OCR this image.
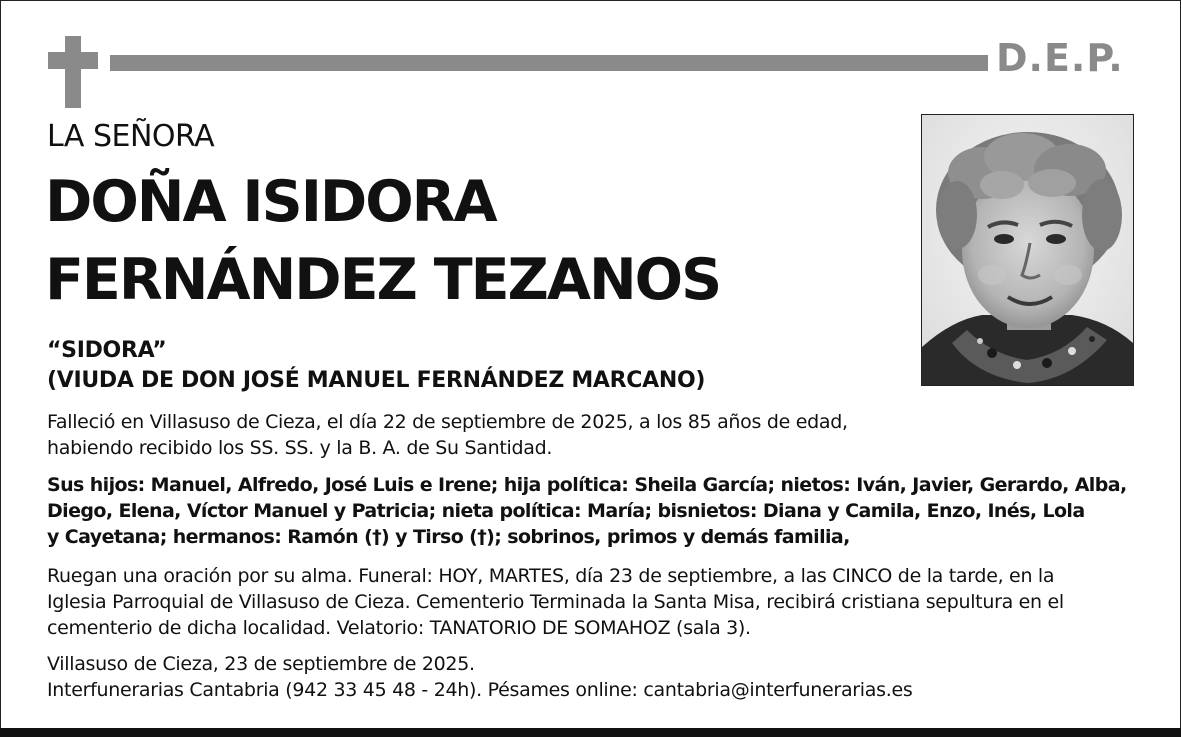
D.E.P.
LA SEÑORA
DOÑA ISIDORA
FERNÁNDEZ TEZANOS
“SIDORA”
(VIUDA DE DON JOSÉ MANUEL FERNÁNDEZ MARCANO)
Falleció en Villasuso de Cieza, el día 22 de septiembre de 2025, a los 85 años de edad,
habiendo recibido los SS. SS. y la B. A. de Su Santidad.
Sus hijos: Manuel, Alfredo, José Luis e Irene; hija política: Sheila García; nietos: Iván, Javier, Gerardo, Alba,
Diego, Elena, Víctor Manuel y Patricia; nieta política: María; bisnietos: Diana y Camila, Enzo, Inés, Lola
y Cayetana; hermanos: Ramón (†) y Tirso (†); sobrinos, primos y demás familia,
Ruegan una oración por su alma. Funeral: HOY, MARTES, día 23 de septiembre, a las CINCO de la tarde, en la
Iglesia Parroquial de Villasuso de Cieza. Cementerio Terminada la Santa Misa, recibirá cristiana sepultura en el
cementerio de dicha localidad. Velatorio: TANATORIO DE SOMAHOZ (sala 3).
Villasuso de Cieza, 23 de septiembre de 2025.
Interfunerarias Cantabria (942 33 45 48 - 24h). Pésames online: cantabria@interfunerarias.es
